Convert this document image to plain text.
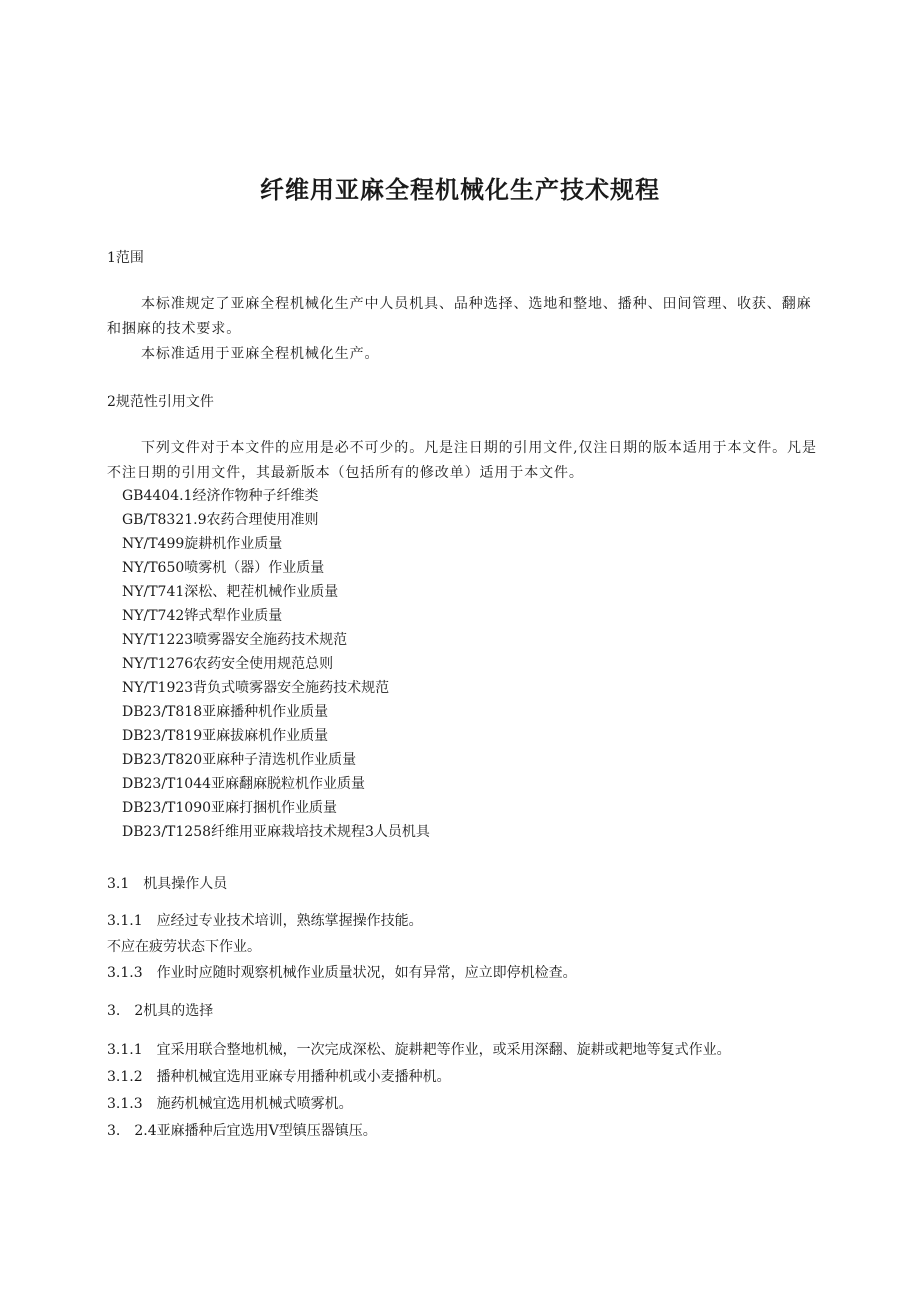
纤维用亚麻全程机械化生产技术规程
1范围
本标准规定了亚麻全程机械化生产中人员机具、品种选择、选地和整地、播种、田间管理、收获、翻麻和捆麻的技术要求。
本标准适用于亚麻全程机械化生产。
2规范性引用文件
下列文件对于本文件的应用是必不可少的。凡是注日期的引用文件,仅注日期的版本适用于本文件。凡是不注日期的引用文件，其最新版本（包括所有的修改单）适用于本文件。
GB4404.1经济作物种子纤维类
GB/T8321.9农药合理使用准则
NY/T499旋耕机作业质量
NY/T650喷雾机（器）作业质量
NY/T741深松、耙茬机械作业质量
NY/T742铧式犁作业质量
NY/T1223喷雾器安全施药技术规范
NY/T1276农药安全使用规范总则
NY/T1923背负式喷雾器安全施药技术规范
DB23/T818亚麻播种机作业质量
DB23/T819亚麻拔麻机作业质量
DB23/T820亚麻种子清选机作业质量
DB23/T1044亚麻翻麻脱粒机作业质量
DB23/T1090亚麻打捆机作业质量
DB23/T1258纤维用亚麻栽培技术规程3人员机具
3.1　机具操作人员
3.1.1　应经过专业技术培训，熟练掌握操作技能。
不应在疲劳状态下作业。
3.1.3　作业时应随时观察机械作业质量状况，如有异常，应立即停机检查。
3.　2机具的选择
3.1.1　宜采用联合整地机械，一次完成深松、旋耕耙等作业，或采用深翻、旋耕或耙地等复式作业。
3.1.2　播种机械宜选用亚麻专用播种机或小麦播种机。
3.1.3　施药机械宜选用机械式喷雾机。
3.　2.4亚麻播种后宜选用V型镇压器镇压。
